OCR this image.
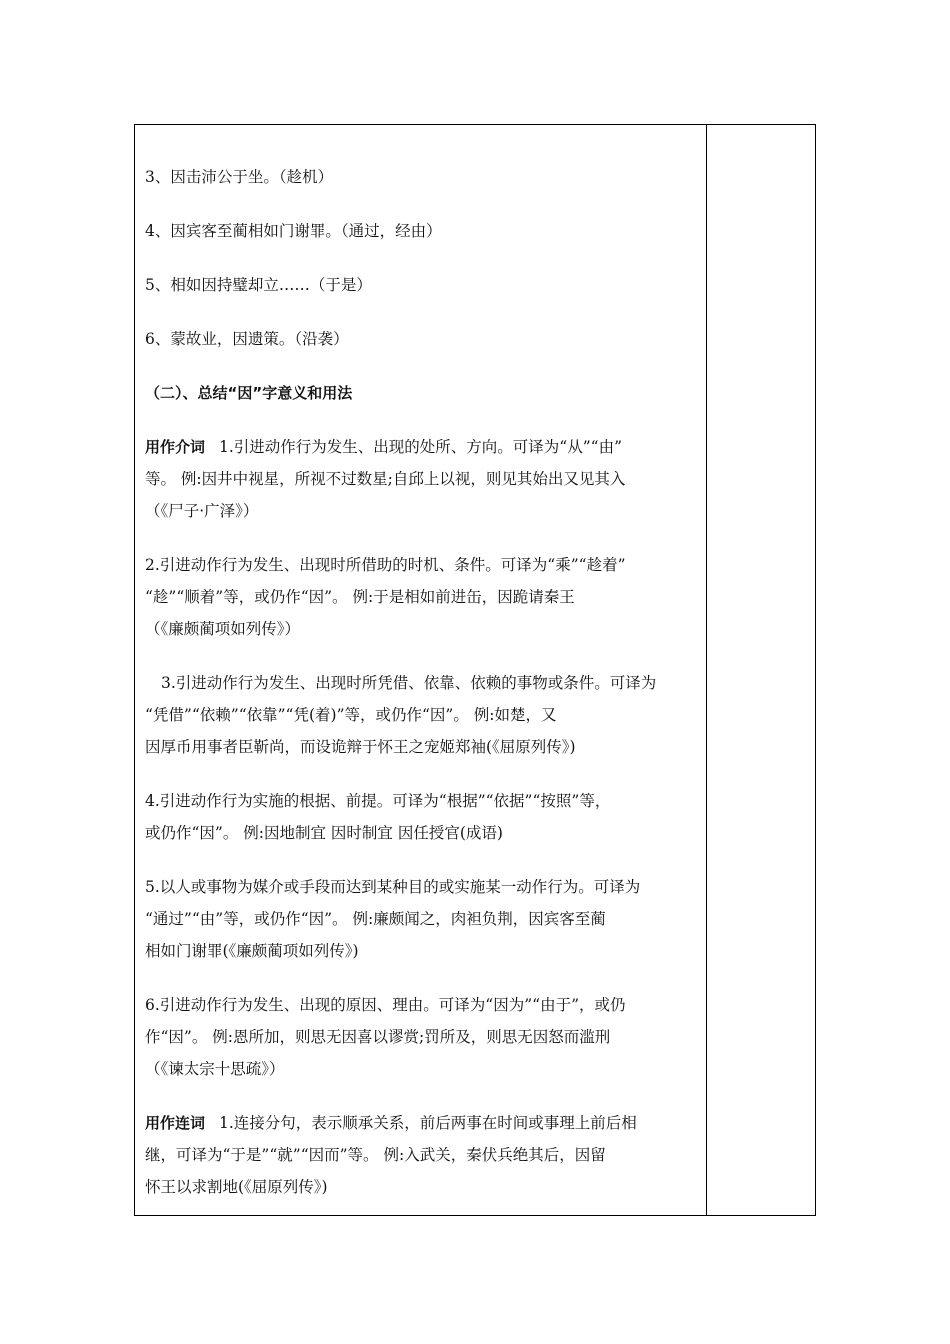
3、因击沛公于坐。（趁机）
4、因宾客至蔺相如门谢罪。（通过，经由）
5、相如因持璧却立……（于是）
6、蒙故业，因遗策。（沿袭）
（二）、总结“因”字意义和用法
用作介词 1.引进动作行为发生、出现的处所、方向。可译为“从”“由”
等。 例:因井中视星，所视不过数星;自邱上以视，则见其始出又见其入
（《尸子·广泽》）
2.引进动作行为发生、出现时所借助的时机、条件。可译为“乘”“趁着”
“趁”“顺着”等，或仍作“因”。 例:于是相如前进缶，因跪请秦王
（《廉颇蔺项如列传》）
3.引进动作行为发生、出现时所凭借、依靠、依赖的事物或条件。可译为
“凭借”“依赖”“依靠”“凭(着)”等，或仍作“因”。 例:如楚，又
因厚币用事者臣靳尚，而设诡辩于怀王之宠姬郑袖(《屈原列传》)
4.引进动作行为实施的根据、前提。可译为“根据”“依据”“按照”等，
或仍作“因”。 例:因地制宜 因时制宜 因任授官(成语)
5.以人或事物为媒介或手段而达到某种目的或实施某一动作行为。可译为
“通过”“由”等，或仍作“因”。 例:廉颇闻之，肉袒负荆，因宾客至蔺
相如门谢罪(《廉颇蔺项如列传》)
6.引进动作行为发生、出现的原因、理由。可译为“因为”“由于”，或仍
作“因”。 例:恩所加，则思无因喜以谬赏;罚所及，则思无因怒而滥刑
（《谏太宗十思疏》）
用作连词 1.连接分句，表示顺承关系，前后两事在时间或事理上前后相
继，可译为“于是”“就”“因而”等。 例:入武关，秦伏兵绝其后，因留
怀王以求割地(《屈原列传》)
